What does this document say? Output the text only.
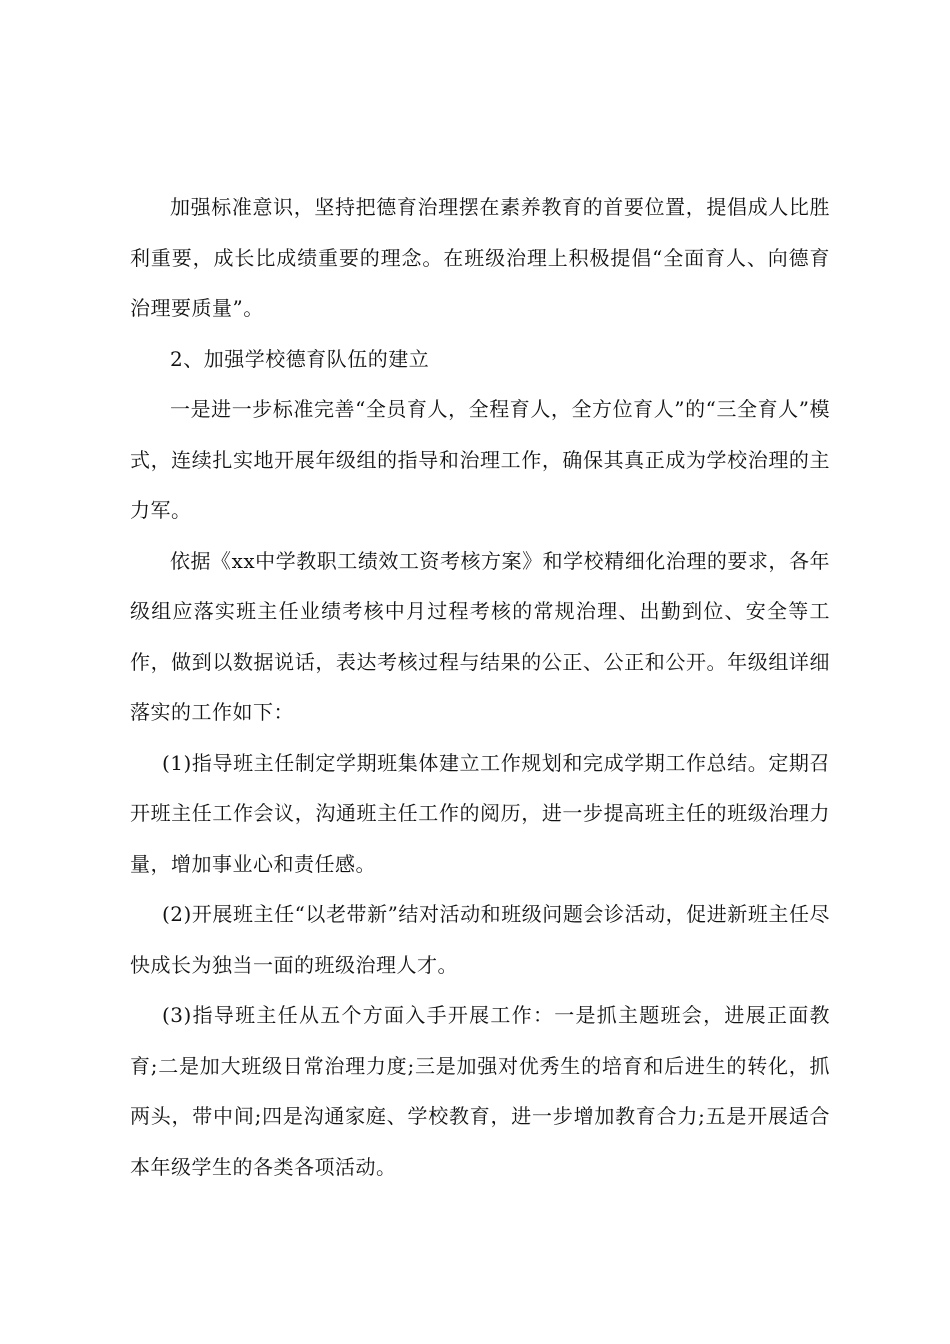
加强标准意识，坚持把德育治理摆在素养教育的首要位置，提倡成人比胜利重要，成长比成绩重要的理念。在班级治理上积极提倡“全面育人、向德育治理要质量”。

2、加强学校德育队伍的建立

一是进一步标准完善“全员育人，全程育人，全方位育人”的“三全育人”模式，连续扎实地开展年级组的指导和治理工作，确保其真正成为学校治理的主力军。

依据《xx中学教职工绩效工资考核方案》和学校精细化治理的要求，各年级组应落实班主任业绩考核中月过程考核的常规治理、出勤到位、安全等工作，做到以数据说话，表达考核过程与结果的公正、公正和公开。年级组详细落实的工作如下：

(1)指导班主任制定学期班集体建立工作规划和完成学期工作总结。定期召开班主任工作会议，沟通班主任工作的阅历，进一步提高班主任的班级治理力量，增加事业心和责任感。

(2)开展班主任“以老带新”结对活动和班级问题会诊活动，促进新班主任尽快成长为独当一面的班级治理人才。

(3)指导班主任从五个方面入手开展工作：一是抓主题班会，进展正面教育;二是加大班级日常治理力度;三是加强对优秀生的培育和后进生的转化，抓两头，带中间;四是沟通家庭、学校教育，进一步增加教育合力;五是开展适合本年级学生的各类各项活动。
